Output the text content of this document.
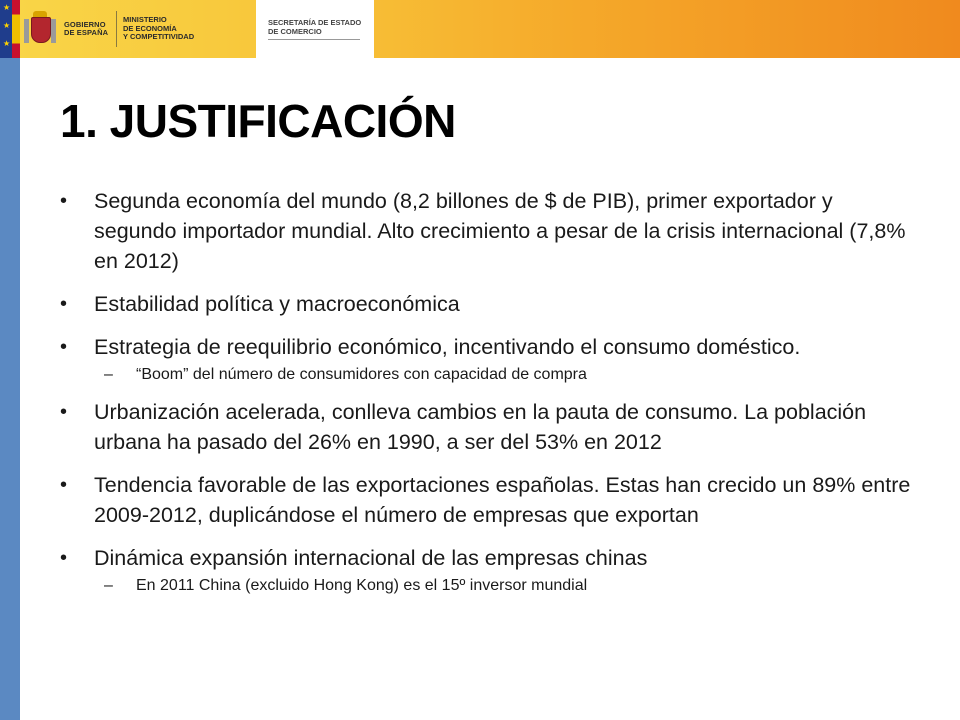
★
★
★
GOBIERNO
DE ESPAÑA
MINISTERIO
DE ECONOMÍA
Y COMPETITIVIDAD
SECRETARÍA DE ESTADO
DE COMERCIO
1. JUSTIFICACIÓN
• Segunda economía del mundo (8,2 billones de $ de PIB), primer exportador y segundo importador mundial. Alto crecimiento a pesar de la crisis internacional (7,8% en 2012)
• Estabilidad política y macroeconómica
• Estrategia de reequilibrio económico, incentivando el consumo doméstico.
– “Boom” del número de consumidores con capacidad de compra
• Urbanización acelerada, conlleva cambios en la pauta de consumo. La población urbana ha pasado del 26% en 1990, a ser del 53% en 2012
• Tendencia favorable de las exportaciones españolas. Estas han crecido un 89% entre 2009-2012, duplicándose el número de empresas que exportan
• Dinámica expansión internacional de las empresas chinas
– En 2011 China (excluido Hong Kong) es el 15º inversor mundial
